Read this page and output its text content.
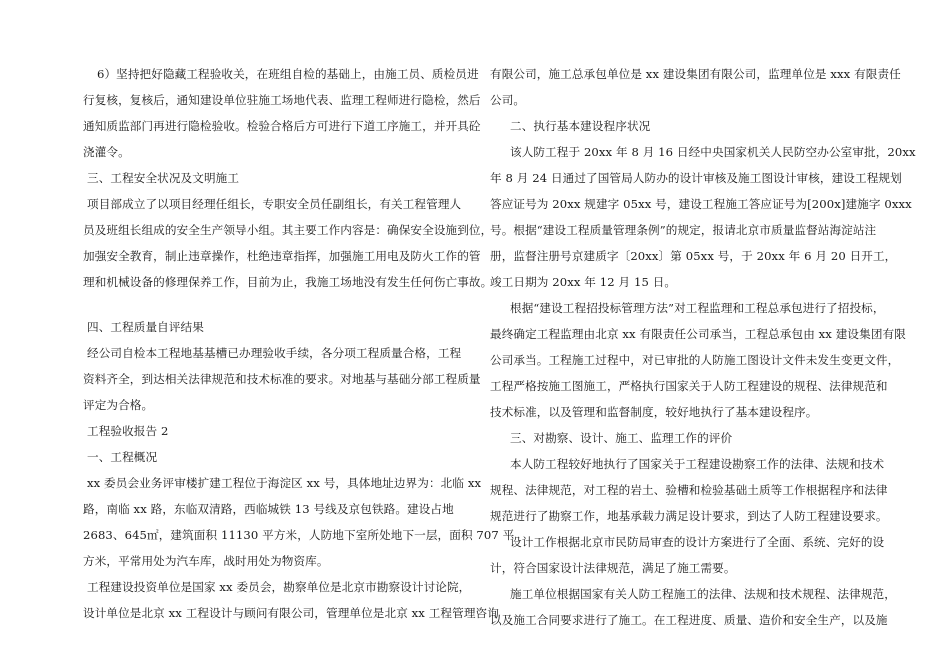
6）坚持把好隐藏工程验收关，在班组自检的基础上，由施工员、质检员进
行复核，复核后，通知建设单位驻施工场地代表、监理工程师进行隐检，然后
通知质监部门再进行隐检验收。检验合格后方可进行下道工序施工，并开具砼
浇灌令。
三、工程安全状况及文明施工
项目部成立了以项目经理任组长，专职安全员任副组长，有关工程管理人
员及班组长组成的安全生产领导小组。其主要工作内容是：确保安全设施到位，
加强安全教育，制止违章操作，杜绝违章指挥，加强施工用电及防火工作的管
理和机械设备的修理保养工作，目前为止，我施工场地没有发生任何伤亡事故。
四、工程质量自评结果
经公司自检本工程地基基槽已办理验收手续，各分项工程质量合格，工程
资料齐全，到达相关法律规范和技术标准的要求。对地基与基础分部工程质量
评定为合格。
工程验收报告 2
一、工程概况
xx 委员会业务评审楼扩建工程位于海淀区 xx 号，具体地址边界为：北临 xx
路，南临 xx 路，东临双清路，西临城铁 13 号线及京包铁路。建设占地
2683、645㎡，建筑面积 11130 平方米，人防地下室所处地下一层，面积 707 平
方米，平常用处为汽车库，战时用处为物资库。
工程建设投资单位是国家 xx 委员会，勘察单位是北京市勘察设计讨论院，
设计单位是北京 xx 工程设计与顾问有限公司，管理单位是北京 xx 工程管理咨询
有限公司，施工总承包单位是 xx 建设集团有限公司，监理单位是 xxx 有限责任
公司。
二、执行基本建设程序状况
该人防工程于 20xx 年 8 月 16 日经中央国家机关人民防空办公室审批，20xx
年 8 月 24 日通过了国管局人防办的设计审核及施工图设计审核，建设工程规划
答应证号为 20xx 规建字 05xx 号，建设工程施工答应证号为[200x]建施字 0xxx
号。根据“建设工程质量管理条例”的规定，报请北京市质量监督站海淀站注
册，监督注册号京建质字〔20xx〕第 05xx 号，于 20xx 年 6 月 20 日开工，
竣工日期为 20xx 年 12 月 15 日。
根据“建设工程招投标管理方法”对工程监理和工程总承包进行了招投标，
最终确定工程监理由北京 xx 有限责任公司承当，工程总承包由 xx 建设集团有限
公司承当。工程施工过程中，对已审批的人防施工图设计文件未发生变更文件，
工程严格按施工图施工，严格执行国家关于人防工程建设的规程、法律规范和
技术标准，以及管理和监督制度，较好地执行了基本建设程序。
三、对勘察、设计、施工、监理工作的评价
本人防工程较好地执行了国家关于工程建设勘察工作的法律、法规和技术
规程、法律规范，对工程的岩土、验槽和检验基础土质等工作根据程序和法律
规范进行了勘察工作，地基承载力满足设计要求，到达了人防工程建设要求。
设计工作根据北京市民防局审查的设计方案进行了全面、系统、完好的设
计，符合国家设计法律规范，满足了施工需要。
施工单位根据国家有关人防工程施工的法律、法规和技术规程、法律规范，
以及施工合同要求进行了施工。在工程进度、质量、造价和安全生产，以及施
